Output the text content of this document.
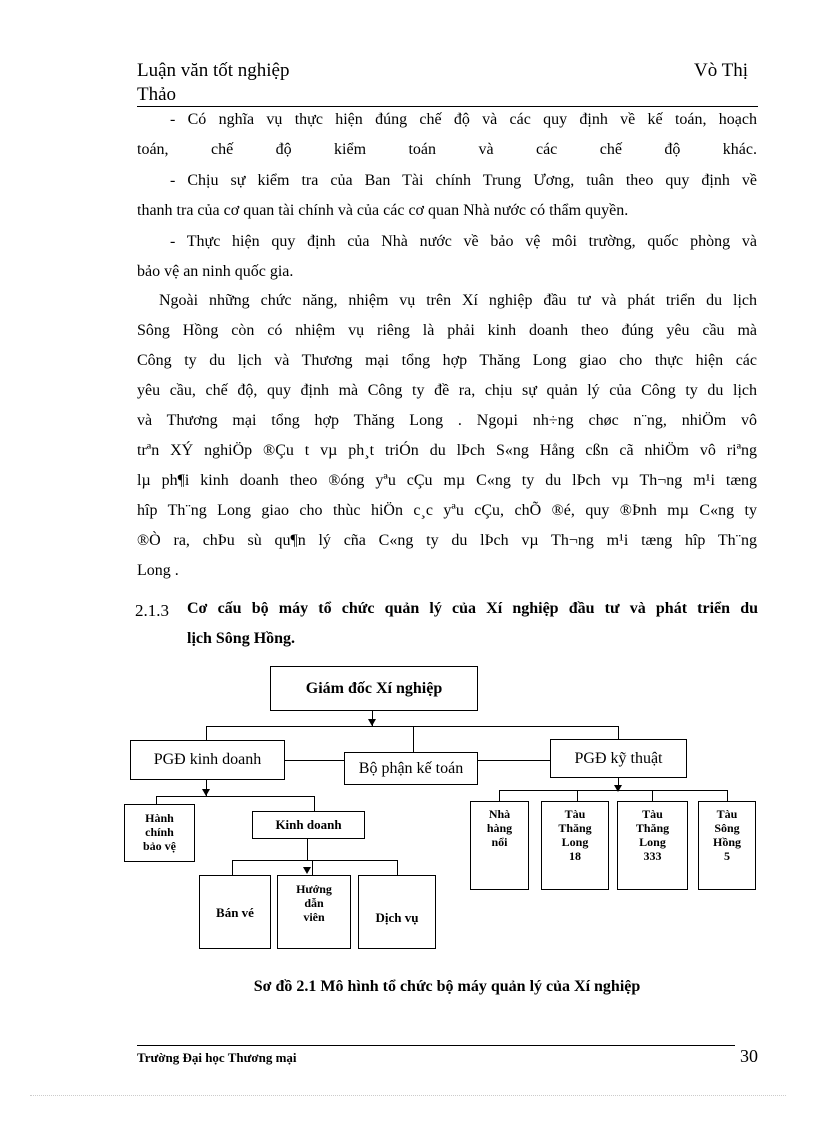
Luận văn tốt nghiệp	Vò Thị
Thảo

- Có nghĩa vụ thực hiện đúng chế độ và các quy định về kế toán, hoạch

toán, chế độ kiểm toán và các chế độ khác.

- Chịu sự kiểm tra của Ban Tài chính Trung Ương, tuân theo quy định về

thanh tra của cơ quan tài chính và của các cơ quan Nhà nước có thẩm quyền.

- Thực hiện quy định của Nhà nước về bảo vệ môi trường, quốc phòng và

bảo vệ an ninh quốc gia.

Ngoài những chức năng, nhiệm vụ trên Xí nghiệp đầu tư và phát triển du lịch

Sông Hồng còn có nhiệm vụ riêng là phải kinh doanh theo đúng yêu cầu mà

Công ty du lịch và Thương mại tổng hợp Thăng Long giao cho thực hiện các

yêu cầu, chế độ, quy định mà Công ty đề ra, chịu sự quản lý của Công ty du lịch

và Thương mại tổng hợp Thăng Long . Ngoµi nh÷ng chøc n¨ng, nhiÖm vô

trªn XÝ nghiÖp ®Çu t vµ ph¸t triÓn du lÞch S«ng Hång cßn cã nhiÖm vô riªng

lµ ph¶i kinh doanh theo ®óng yªu cÇu mµ C«ng ty du lÞch vµ Th¬ng m¹i tæng

hîp Th¨ng Long giao cho thùc hiÖn c¸c yªu cÇu, chÕ ®é, quy ®Þnh mµ C«ng ty

®Ò ra, chÞu sù qu¶n lý cña C«ng ty du lÞch vµ Th¬ng m¹i tæng hîp Th¨ng

Long .

2.1.3 Cơ cấu bộ máy tổ chức quản lý của Xí nghiệp đầu tư và phát triển du
lịch Sông Hồng.
Giám đốc Xí nghiệp
PGĐ kinh doanh	Bộ phận kế toán
PGĐ kỹ thuật
Hành
chính
bảo vệ
Kinh doanh
Bán vé
Hướng
dẫn
viên	Dịch vụ
Nhà
hàng
nổi
Tàu
Thăng
Long
18
Tàu
Thăng
Long
333
Tàu
Sông
Hồng
5
Sơ đồ 2.1 Mô hình tổ chức bộ máy quản lý của Xí nghiệp
Trường Đại học Thương mại	30
